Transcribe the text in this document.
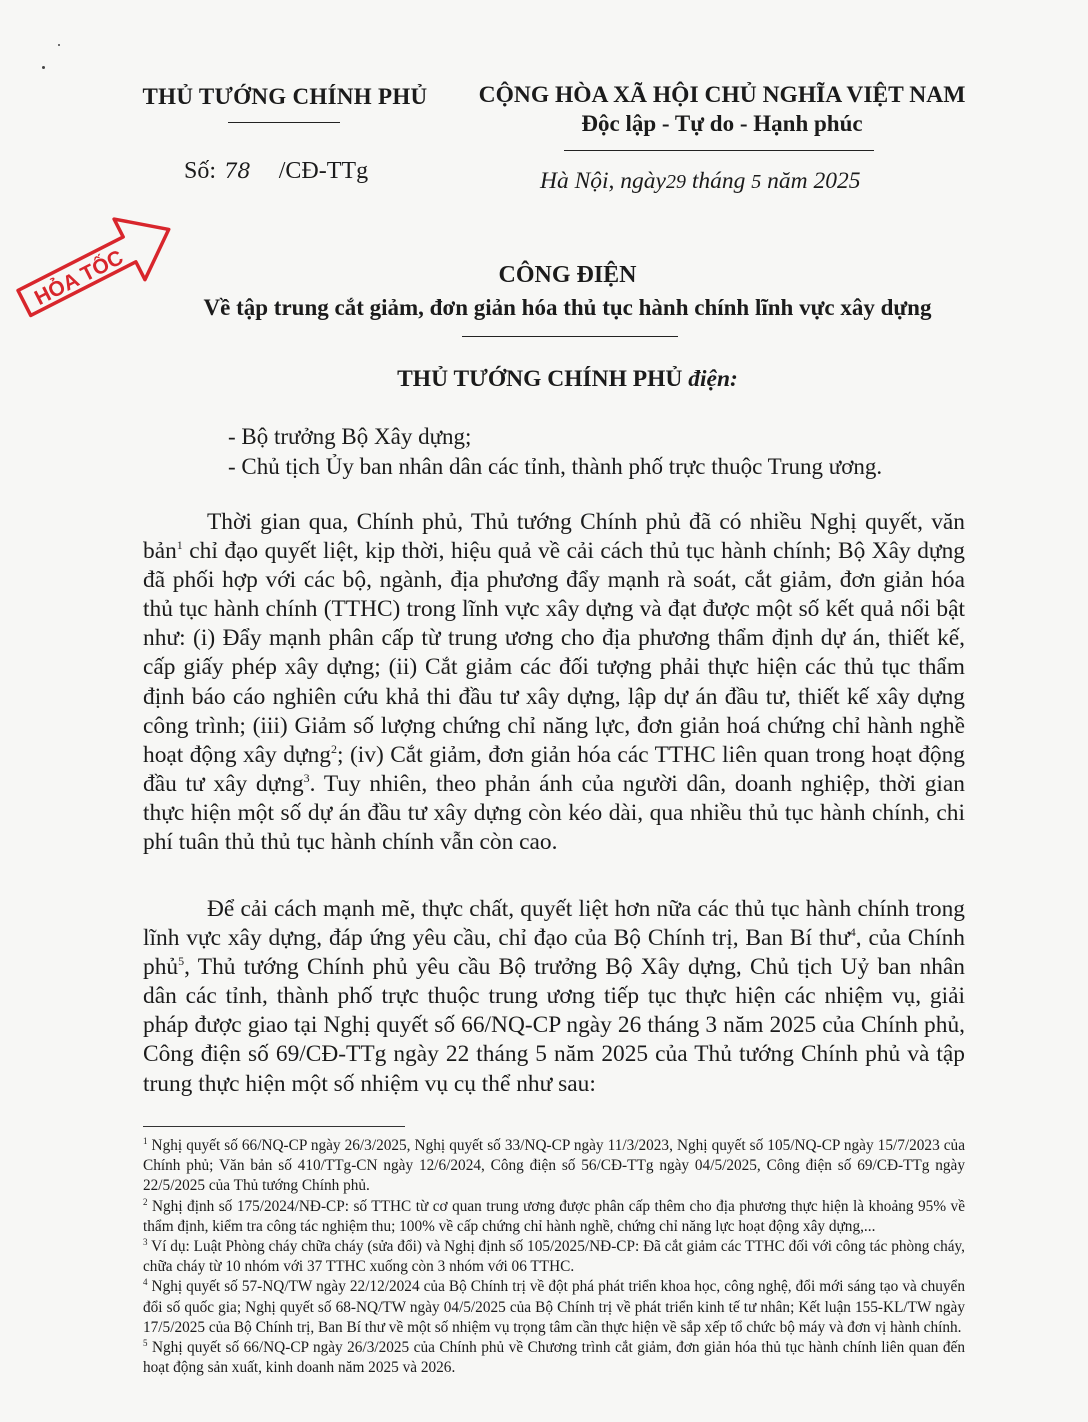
THỦ TƯỚNG CHÍNH PHỦ	CỘNG HÒA XÃ HỘI CHỦ NGHĨA VIỆT NAM
Độc lập - Tự do - Hạnh phúc
Số: 78 /CĐ-TTg	Hà Nội, ngày29 tháng 5 năm 2025
HỎA TỐC	CÔNG ĐIỆN
Về tập trung cắt giảm, đơn giản hóa thủ tục hành chính lĩnh vực xây dựng
THỦ TƯỚNG CHÍNH PHỦ điện:
- Bộ trưởng Bộ Xây dựng;
- Chủ tịch Ủy ban nhân dân các tỉnh, thành phố trực thuộc Trung ương.

Thời gian qua, Chính phủ, Thủ tướng Chính phủ đã có nhiều Nghị quyết, văn bản$^1$ chỉ đạo quyết liệt, kịp thời, hiệu quả về cải cách thủ tục hành chính; Bộ Xây dựng đã phối hợp với các bộ, ngành, địa phương đẩy mạnh rà soát, cắt giảm, đơn giản hóa thủ tục hành chính (TTHC) trong lĩnh vực xây dựng và đạt được một số kết quả nổi bật như: (i) Đẩy mạnh phân cấp từ trung ương cho địa phương thẩm định dự án, thiết kế, cấp giấy phép xây dựng; (ii) Cắt giảm các đối tượng phải thực hiện các thủ tục thẩm định báo cáo nghiên cứu khả thi đầu tư xây dựng, lập dự án đầu tư, thiết kế xây dựng công trình; (iii) Giảm số lượng chứng chỉ năng lực, đơn giản hoá chứng chỉ hành nghề hoạt động xây dựng$^2$; (iv) Cắt giảm, đơn giản hóa các TTHC liên quan trong hoạt động đầu tư xây dựng$^3$. Tuy nhiên, theo phản ánh của người dân, doanh nghiệp, thời gian thực hiện một số dự án đầu tư xây dựng còn kéo dài, qua nhiều thủ tục hành chính, chi phí tuân thủ thủ tục hành chính vẫn còn cao.

Để cải cách mạnh mẽ, thực chất, quyết liệt hơn nữa các thủ tục hành chính trong lĩnh vực xây dựng, đáp ứng yêu cầu, chỉ đạo của Bộ Chính trị, Ban Bí thư$^4$, của Chính phủ$^5$, Thủ tướng Chính phủ yêu cầu Bộ trưởng Bộ Xây dựng, Chủ tịch Uỷ ban nhân dân các tỉnh, thành phố trực thuộc trung ương tiếp tục thực hiện các nhiệm vụ, giải pháp được giao tại Nghị quyết số 66/NQ-CP ngày 26 tháng 3 năm 2025 của Chính phủ, Công điện số 69/CĐ-TTg ngày 22 tháng 5 năm 2025 của Thủ tướng Chính phủ và tập trung thực hiện một số nhiệm vụ cụ thể như sau:

$^1$ Nghị quyết số 66/NQ-CP ngày 26/3/2025, Nghị quyết số 33/NQ-CP ngày 11/3/2023, Nghị quyết số 105/NQ-CP ngày 15/7/2023 của Chính phủ; Văn bản số 410/TTg-CN ngày 12/6/2024, Công điện số 56/CĐ-TTg ngày 04/5/2025, Công điện số 69/CĐ-TTg ngày 22/5/2025 của Thủ tướng Chính phủ.

$^2$ Nghị định số 175/2024/NĐ-CP: số TTHC từ cơ quan trung ương được phân cấp thêm cho địa phương thực hiện là khoảng 95% về thẩm định, kiểm tra công tác nghiệm thu; 100% về cấp chứng chỉ hành nghề, chứng chỉ năng lực hoạt động xây dựng,...

$^3$ Ví dụ: Luật Phòng cháy chữa cháy (sửa đổi) và Nghị định số 105/2025/NĐ-CP: Đã cắt giảm các TTHC đối với công tác phòng cháy, chữa cháy từ 10 nhóm với 37 TTHC xuống còn 3 nhóm với 06 TTHC.

$^4$ Nghị quyết số 57-NQ/TW ngày 22/12/2024 của Bộ Chính trị về đột phá phát triển khoa học, công nghệ, đổi mới sáng tạo và chuyển đổi số quốc gia; Nghị quyết số 68-NQ/TW ngày 04/5/2025 của Bộ Chính trị về phát triển kinh tế tư nhân; Kết luận 155-KL/TW ngày 17/5/2025 của Bộ Chính trị, Ban Bí thư về một số nhiệm vụ trọng tâm cần thực hiện về sắp xếp tổ chức bộ máy và đơn vị hành chính.

$^5$ Nghị quyết số 66/NQ-CP ngày 26/3/2025 của Chính phủ về Chương trình cắt giảm, đơn giản hóa thủ tục hành chính liên quan đến hoạt động sản xuất, kinh doanh năm 2025 và 2026.
